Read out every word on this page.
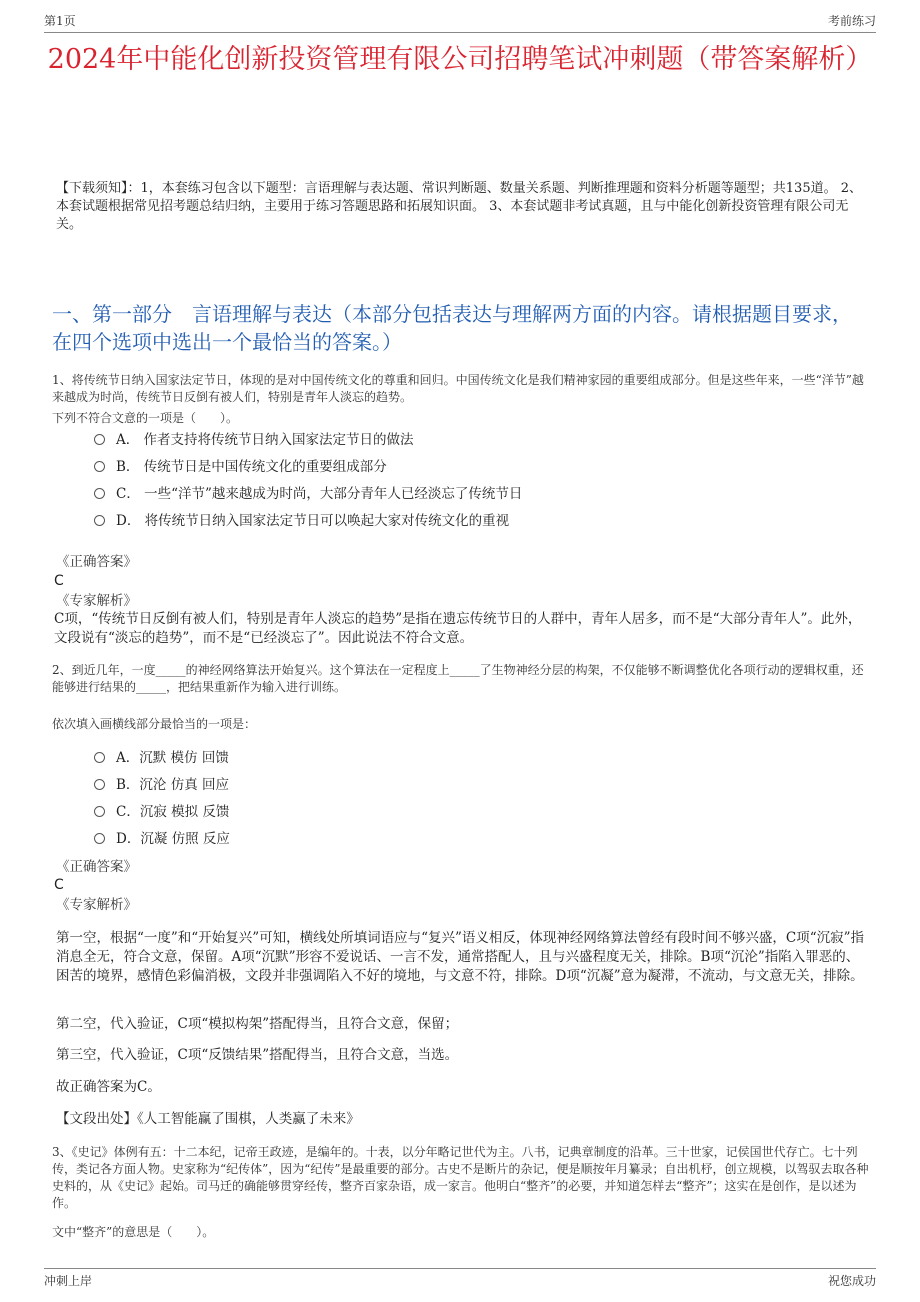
第1页	考前练习
2024年中能化创新投资管理有限公司招聘笔试冲刺题（带答案解析）
【下载须知】：1，本套练习包含以下题型：言语理解与表达题、常识判断题、数量关系题、判断推理题和资料分析题等题型；共135道。 2、本套试题根据常见招考题总结归纳，主要用于练习答题思路和拓展知识面。 3、本套试题非考试真题，且与中能化创新投资管理有限公司无关。
一、第一部分　言语理解与表达（本部分包括表达与理解两方面的内容。请根据题目要求，在四个选项中选出一个最恰当的答案。）
1、将传统节日纳入国家法定节日，体现的是对中国传统文化的尊重和回归。中国传统文化是我们精神家园的重要组成部分。但是这些年来，一些“洋节”越来越成为时尚，传统节日反倒有被人们，特别是青年人淡忘的趋势。
下列不符合文意的一项是（　　）。
A． 作者支持将传统节日纳入国家法定节日的做法
B． 传统节日是中国传统文化的重要组成部分
C． 一些“洋节”越来越成为时尚，大部分青年人已经淡忘了传统节日
D． 将传统节日纳入国家法定节日可以唤起大家对传统文化的重视
《正确答案》
C
《专家解析》
C项，“传统节日反倒有被人们，特别是青年人淡忘的趋势”是指在遗忘传统节日的人群中，青年人居多，而不是“大部分青年人”。此外，文段说有“淡忘的趋势”，而不是“已经淡忘了”。因此说法不符合文意。
2、到近几年，一度_____的神经网络算法开始复兴。这个算法在一定程度上_____了生物神经分层的构架，不仅能够不断调整优化各项行动的逻辑权重，还能够进行结果的_____，把结果重新作为输入进行训练。
依次填入画横线部分最恰当的一项是：
A．沉默 模仿 回馈
B．沉沦 仿真 回应
C．沉寂 模拟 反馈
D．沉凝 仿照 反应
《正确答案》
C
《专家解析》
第一空，根据“一度”和“开始复兴”可知，横线处所填词语应与“复兴”语义相反，体现神经网络算法曾经有段时间不够兴盛，C项“沉寂”指消息全无，符合文意，保留。A项“沉默”形容不爱说话、一言不发，通常搭配人，且与兴盛程度无关，排除。B项“沉沦”指陷入罪恶的、困苦的境界，感情色彩偏消极，文段并非强调陷入不好的境地，与文意不符，排除。D项“沉凝”意为凝滞，不流动，与文意无关，排除。
第二空，代入验证，C项“模拟构架”搭配得当，且符合文意，保留；
第三空，代入验证，C项“反馈结果”搭配得当，且符合文意，当选。
故正确答案为C。
【文段出处】《人工智能赢了围棋，人类赢了未来》
3、《史记》体例有五：十二本纪，记帝王政迹，是编年的。十表，以分年略记世代为主。八书，记典章制度的沿革。三十世家，记侯国世代存亡。七十列传，类记各方面人物。史家称为“纪传体”，因为“纪传”是最重要的部分。古史不是断片的杂记，便是顺按年月纂录；自出机杼，创立规模，以驾驭去取各种史料的，从《史记》起始。司马迁的确能够贯穿经传，整齐百家杂语，成一家言。他明白“整齐”的必要，并知道怎样去“整齐”；这实在是创作，是以述为作。
文中“整齐”的意思是（　　）。
冲刺上岸	祝您成功
